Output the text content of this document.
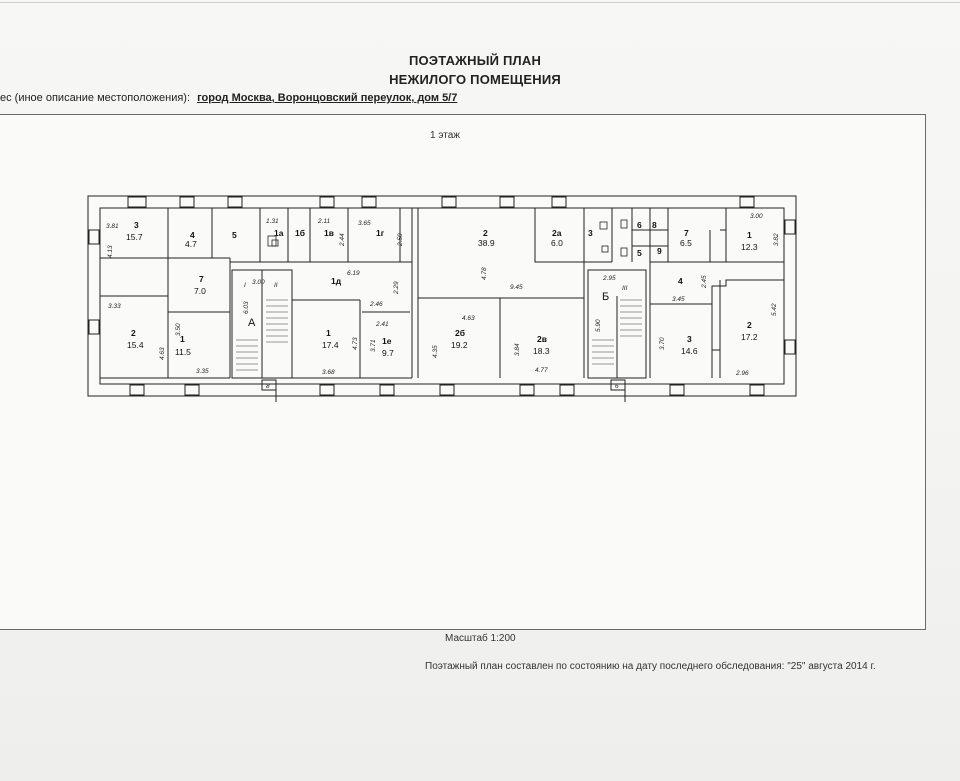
ПОЭТАЖНЫЙ ПЛАН
НЕЖИЛОГО ПОМЕЩЕНИЯ
ес (иное описание местоположения): город Москва, Воронцовский переулок, дом 5/7
1 этаж
3
15.7	4
4.7
5	1а 1б 1в	1г	2
38.9
2а
6.0
3
6 8
5 9
7
6.5
1
12.3
7
7.0
1д	4
2
15.4
1
11.5
1
17.4	1е
9.7
2б
19.2
2в
18.3
3
14.6
2
17.2
А
Б
I	II	III
8	6
3.81
4.13
1.31	2.11	3.65
2.50
2.44
3.00
3.82
6.19
3.00
6.03
2.29
2.46
2.41
3.71
4.78
9.45
2.95	2.45
3.45
4.63
3.33
3.50
4.63
3.35
4.73
3.68
4.35	3.84
4.77
5.90
3.70
5.42
2.96
Масштаб 1:200
Поэтажный план составлен по состоянию на дату последнего обследования: "25" августа 2014 г.
